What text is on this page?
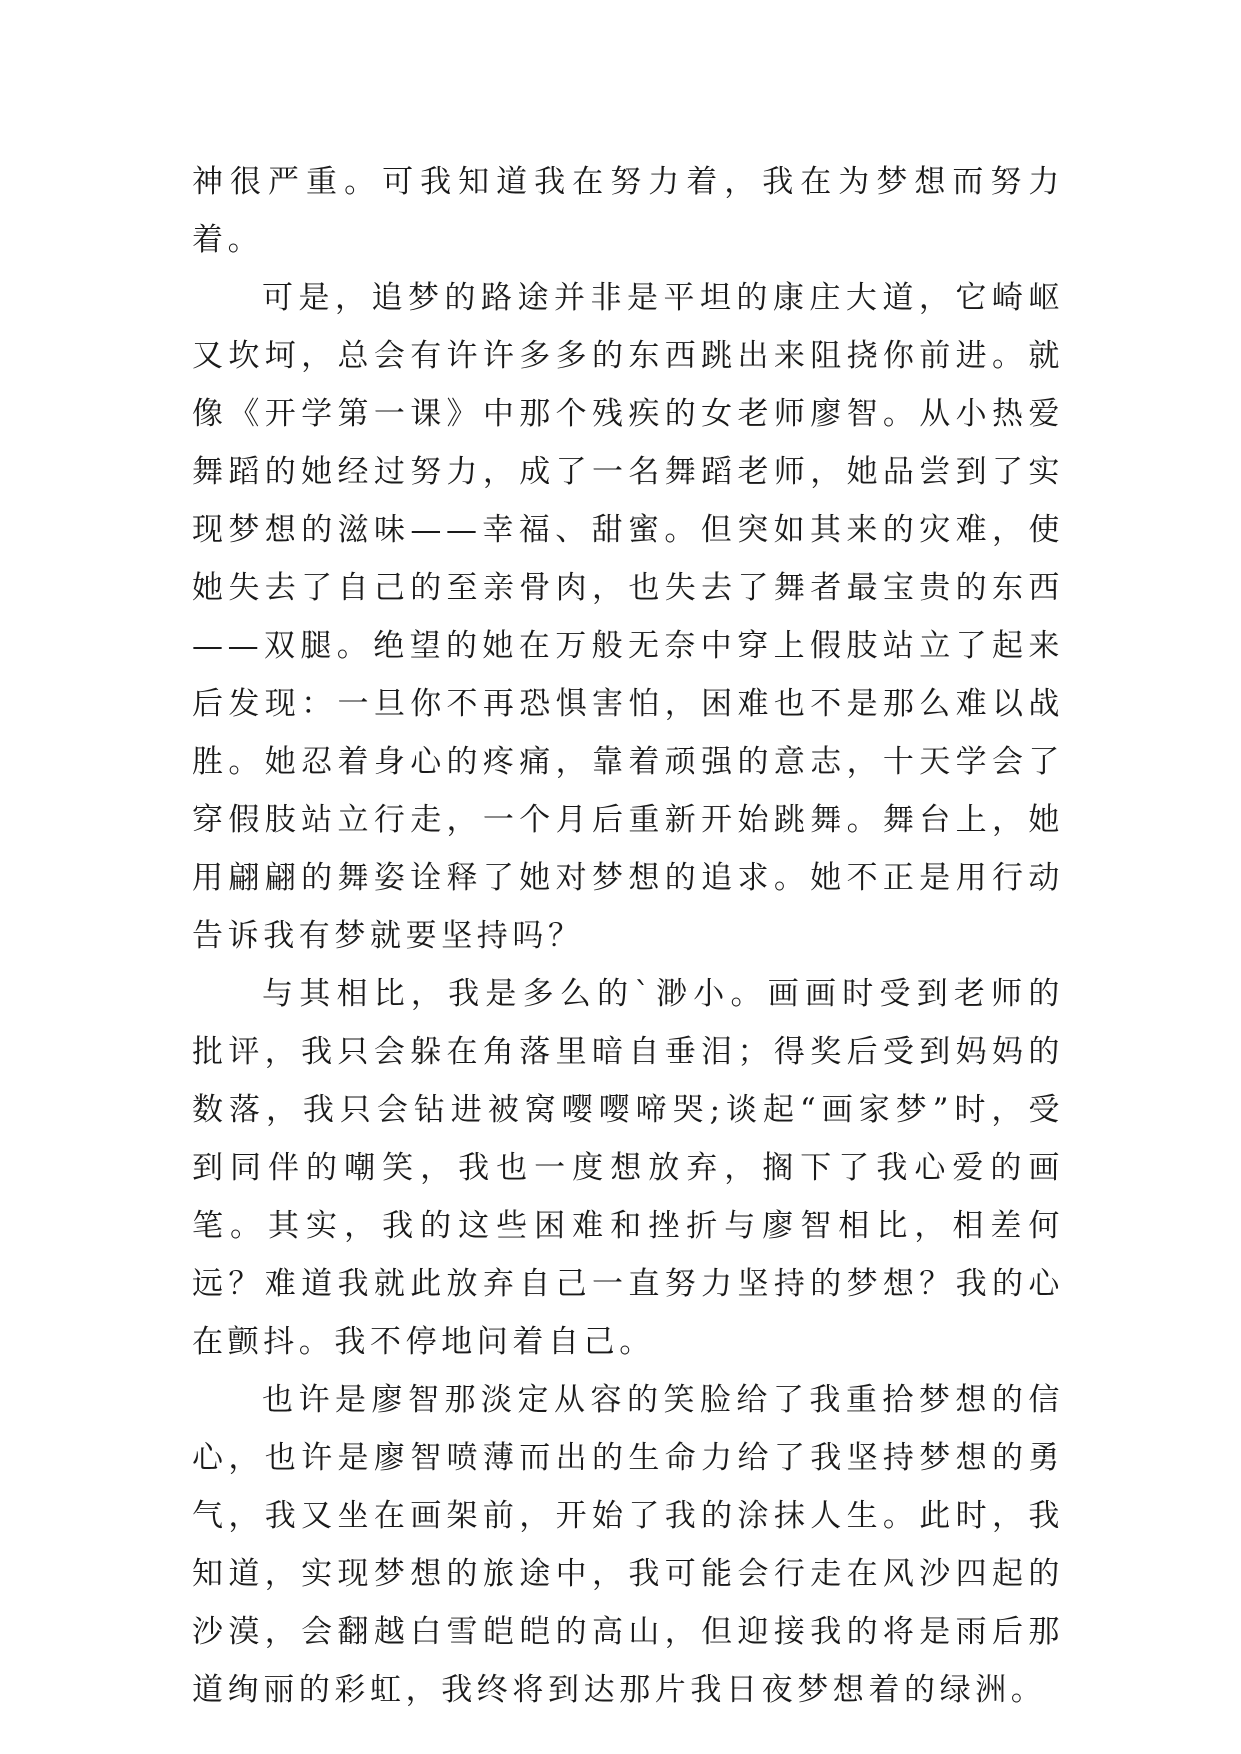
神很严重。可我知道我在努力着，我在为梦想而努力着。

可是，追梦的路途并非是平坦的康庄大道，它崎岖又坎坷，总会有许许多多的东西跳出来阻挠你前进。就像《开学第一课》中那个残疾的女老师廖智。从小热爱舞蹈的她经过努力，成了一名舞蹈老师，她品尝到了实现梦想的滋味——幸福、甜蜜。但突如其来的灾难，使她失去了自己的至亲骨肉，也失去了舞者最宝贵的东西——双腿。绝望的她在万般无奈中穿上假肢站立了起来后发现：一旦你不再恐惧害怕，困难也不是那么难以战胜。她忍着身心的疼痛，靠着顽强的意志，十天学会了穿假肢站立行走，一个月后重新开始跳舞。舞台上，她用翩翩的舞姿诠释了她对梦想的追求。她不正是用行动告诉我有梦就要坚持吗？

与其相比，我是多么的`渺小。画画时受到老师的批评，我只会躲在角落里暗自垂泪；得奖后受到妈妈的数落，我只会钻进被窝嘤嘤啼哭;谈起“画家梦”时，受到同伴的嘲笑，我也一度想放弃，搁下了我心爱的画笔。其实，我的这些困难和挫折与廖智相比，相差何远？难道我就此放弃自己一直努力坚持的梦想？我的心在颤抖。我不停地问着自己。

也许是廖智那淡定从容的笑脸给了我重拾梦想的信心，也许是廖智喷薄而出的生命力给了我坚持梦想的勇气，我又坐在画架前，开始了我的涂抹人生。此时，我知道，实现梦想的旅途中，我可能会行走在风沙四起的沙漠，会翻越白雪皑皑的高山，但迎接我的将是雨后那道绚丽的彩虹，我终将到达那片我日夜梦想着的绿洲。
